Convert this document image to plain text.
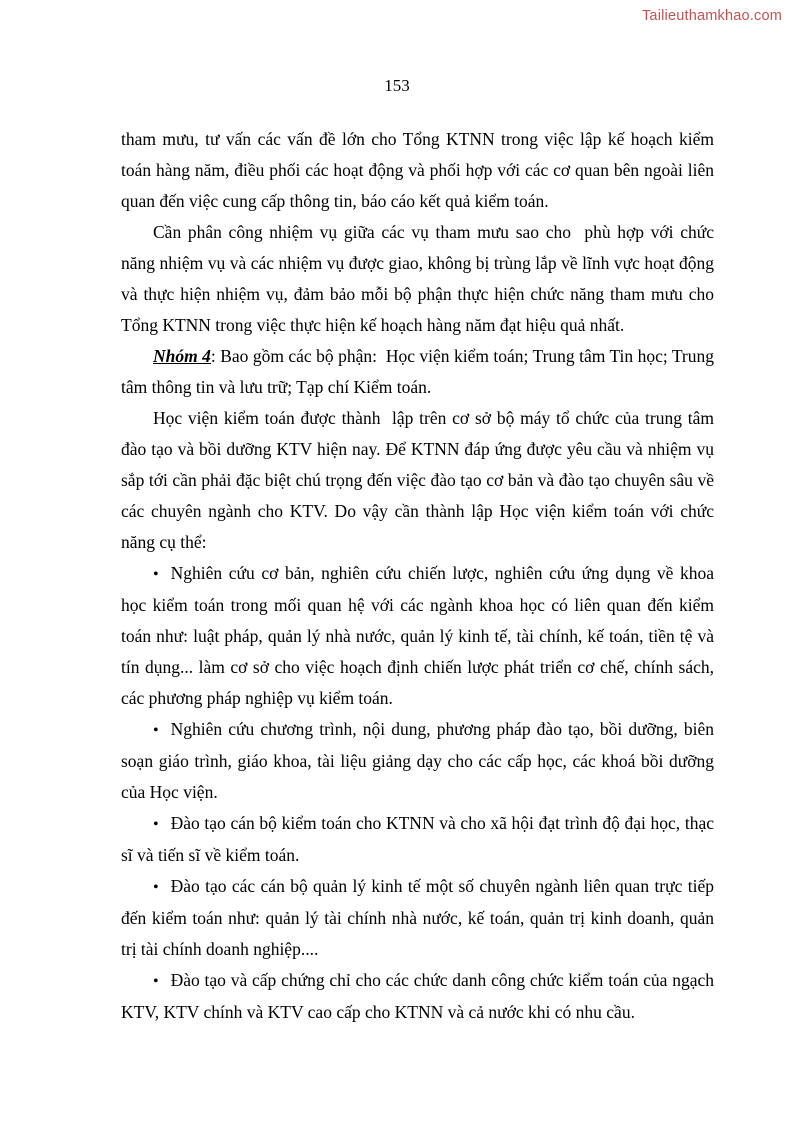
Tailieuthamkhao.com
153

tham mưu, tư vấn các vấn đề lớn cho Tổng KTNN trong việc lập kế hoạch kiểm toán hàng năm, điều phối các hoạt động và phối hợp với các cơ quan bên ngoài liên quan đến việc cung cấp thông tin, báo cáo kết quả kiểm toán.

Cần phân công nhiệm vụ giữa các vụ tham mưu sao cho  phù hợp với chức năng nhiệm vụ và các nhiệm vụ được giao, không bị trùng lắp về lĩnh vực hoạt động và thực hiện nhiệm vụ, đảm bảo mỗi bộ phận thực hiện chức năng tham mưu cho Tổng KTNN trong việc thực hiện kế hoạch hàng năm đạt hiệu quả nhất.

Nhóm 4: Bao gồm các bộ phận:  Học viện kiểm toán; Trung tâm Tin học; Trung tâm thông tin và lưu trữ; Tạp chí Kiểm toán.

Học viện kiểm toán được thành  lập trên cơ sở bộ máy tổ chức của trung tâm đào tạo và bồi dưỡng KTV hiện nay. Để KTNN đáp ứng được yêu cầu và nhiệm vụ sắp tới cần phải đặc biệt chú trọng đến việc đào tạo cơ bản và đào tạo chuyên sâu về các chuyên ngành cho KTV. Do vậy cần thành lập Học viện kiểm toán với chức năng cụ thể:

• Nghiên cứu cơ bản, nghiên cứu chiến lược, nghiên cứu ứng dụng về khoa học kiểm toán trong mối quan hệ với các ngành khoa học có liên quan đến kiểm toán như: luật pháp, quản lý nhà nước, quản lý kinh tế, tài chính, kế toán, tiền tệ và tín dụng... làm cơ sở cho việc hoạch định chiến lược phát triển cơ chế, chính sách, các phương pháp nghiệp vụ kiểm toán.

• Nghiên cứu chương trình, nội dung, phương pháp đào tạo, bồi dưỡng, biên soạn giáo trình, giáo khoa, tài liệu giảng dạy cho các cấp học, các khoá bồi dưỡng của Học viện.

• Đào tạo cán bộ kiểm toán cho KTNN và cho xã hội đạt trình độ đại học, thạc sĩ và tiến sĩ về kiểm toán.

• Đào tạo các cán bộ quản lý kinh tế một số chuyên ngành liên quan trực tiếp đến kiểm toán như: quản lý tài chính nhà nước, kế toán, quản trị kinh doanh, quản trị tài chính doanh nghiệp....

• Đào tạo và cấp chứng chỉ cho các chức danh công chức kiểm toán của ngạch KTV, KTV chính và KTV cao cấp cho KTNN và cả nước khi có nhu cầu.
